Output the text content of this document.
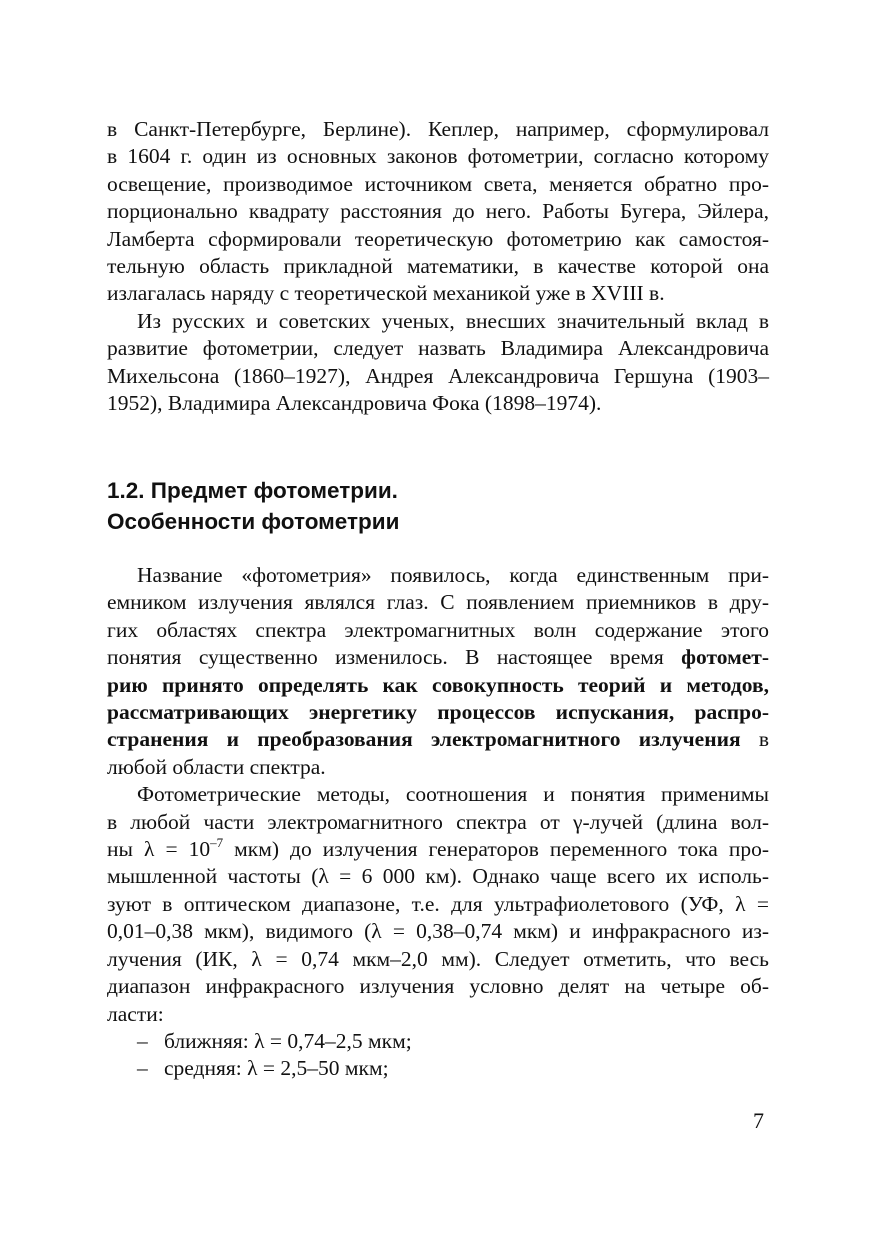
в Санкт-Петербурге, Берлине). Кеплер, например, сформулировал
в 1604 г. один из основных законов фотометрии, согласно которому
освещение, производимое источником света, меняется обратно про-
порционально квадрату расстояния до него. Работы Бугера, Эйлера,
Ламберта сформировали теоретическую фотометрию как самостоя-
тельную область прикладной математики, в качестве которой она
излагалась наряду с теоретической механикой уже в XVIII в.

Из русских и советских ученых, внесших значительный вклад в
развитие фотометрии, следует назвать Владимира Александровича
Михельсона (1860–1927), Андрея Александровича Гершуна (1903–
1952), Владимира Александровича Фока (1898–1974).

1.2. Предмет фотометрии.

Особенности фотометрии

Название «фотометрия» появилось, когда единственным при-
емником излучения являлся глаз. С появлением приемников в дру-
гих областях спектра электромагнитных волн содержание этого
понятия существенно изменилось. В настоящее время фотомет-
рию принято определять как совокупность теорий и методов,
рассматривающих энергетику процессов испускания, распро-
странения и преобразования электромагнитного излучения в
любой области спектра.

Фотометрические методы, соотношения и понятия применимы
в любой части электромагнитного спектра от γ-лучей (длина вол-
ны $\lambda = 10^{-7}$ мкм) до излучения генераторов переменного тока про-
мышленной частоты (λ = 6 000 км). Однако чаще всего их исполь-
зуют в оптическом диапазоне, т.е. для ультрафиолетового (УФ, λ =
0,01–0,38 мкм), видимого (λ = 0,38–0,74 мкм) и инфракрасного из-
лучения (ИК, λ = 0,74 мкм–2,0 мм). Следует отметить, что весь
диапазон инфракрасного излучения условно делят на четыре об-
ласти:

– ближняя: λ = 0,74–2,5 мкм;
– средняя: λ = 2,5–50 мкм;
7
